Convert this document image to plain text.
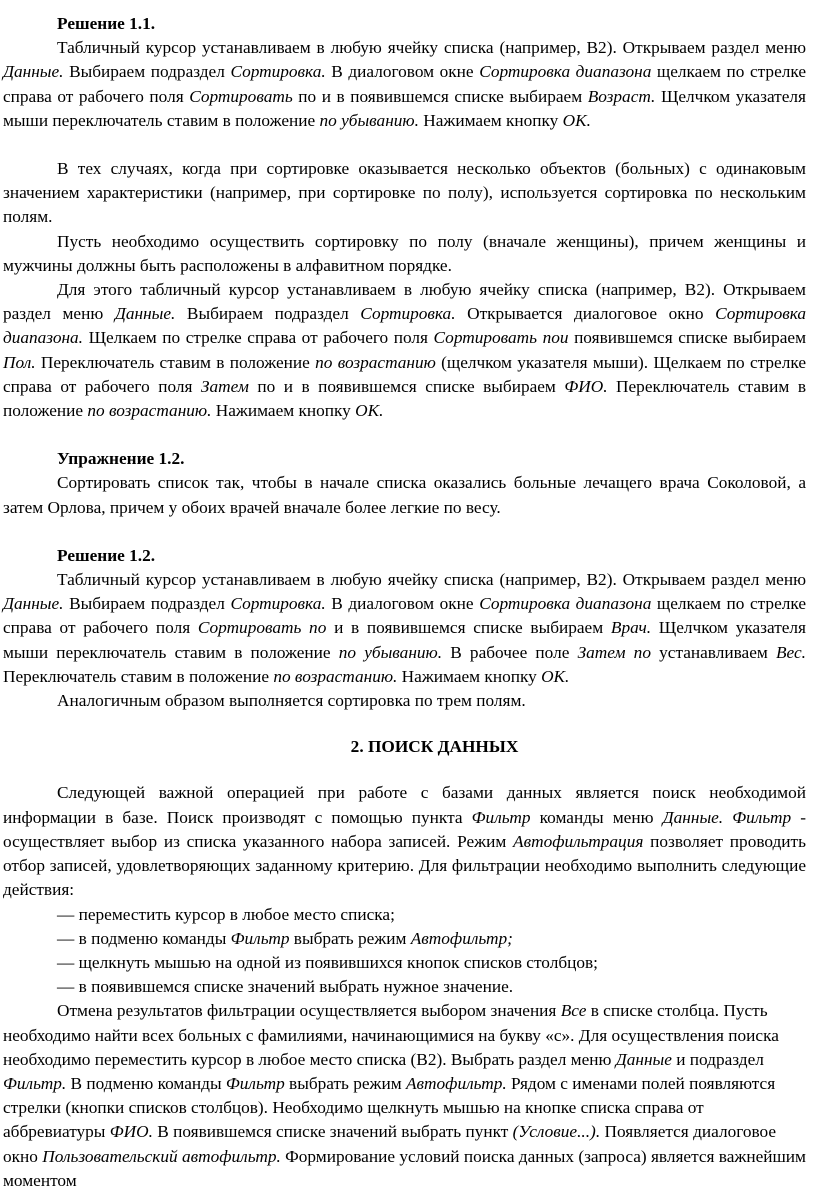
Решение 1.1.

Табличный курсор устанавливаем в любую ячейку списка (например, В2). Открываем раздел меню Данные. Выбираем подраздел Сортировка. В диалоговом окне Сортировка диапазона щелкаем по стрелке справа от рабочего поля Сортировать по и в появившемся списке выбираем Возраст. Щелчком указателя мыши переключатель ставим в положение по убыванию. Нажимаем кнопку ОК.

В тех случаях, когда при сортировке оказывается несколько объектов (больных) с одинаковым значением характеристики (например, при сортировке по полу), используется сортировка по нескольким полям.

Пусть необходимо осуществить сортировку по полу (вначале женщины), причем женщины и мужчины должны быть расположены в алфавитном порядке.

Для этого табличный курсор устанавливаем в любую ячейку списка (например, В2). Открываем раздел меню Данные. Выбираем подраздел Сортировка. Открывается диалоговое окно Сортировка диапазона. Щелкаем по стрелке справа от рабочего поля Сортировать пои появившемся списке выбираем Пол. Переключатель ставим в положение по возрастанию (щелчком указателя мыши). Щелкаем по стрелке справа от рабочего поля Затем по и в появившемся списке выбираем ФИО. Переключатель ставим в положение по возрастанию. Нажимаем кнопку ОК.

Упражнение 1.2.

Сортировать список так, чтобы в начале списка оказались больные лечащего врача Соколовой, а затем Орлова, причем у обоих врачей вначале более легкие по весу.

Решение 1.2.

Табличный курсор устанавливаем в любую ячейку списка (например, В2). Открываем раздел меню Данные. Выбираем подраздел Сортировка. В диалоговом окне Сортировка диапазона щелкаем по стрелке справа от рабочего поля Сортировать по и в появившемся списке выбираем Врач. Щелчком указателя мыши переключатель ставим в положение по убыванию. В рабочее поле Затем по устанавливаем Вес. Переключатель ставим в положение по возрастанию. Нажимаем кнопку ОК.

Аналогичным образом выполняется сортировка по трем полям.

2. ПОИСК ДАННЫХ

Следующей важной операцией при работе с базами данных является поиск необходимой информации в базе. Поиск производят с помощью пункта Фильтр команды меню Данные. Фильтр - осуществляет выбор из списка указанного набора записей. Режим Автофильтрация позволяет проводить отбор записей, удовлетворяющих заданному критерию. Для фильтрации необходимо выполнить следующие действия:

— переместить курсор в любое место списка;

— в подменю команды Фильтр выбрать режим Автофильтр;

— щелкнуть мышью на одной из появившихся кнопок списков столбцов;

— в появившемся списке значений выбрать нужное значение.

Отмена результатов фильтрации осуществляется выбором значения Все в списке столбца. Пусть необходимо найти всех больных с фамилиями, начинающимися на букву «с». Для осуществления поиска необходимо переместить курсор в любое место списка (В2). Выбрать раздел меню Данные и подраздел Фильтр. В подменю команды Фильтр выбрать режим Автофильтр. Рядом с именами полей появляются стрелки (кнопки списков столбцов). Необходимо щелкнуть мышью на кнопке списка справа от аббревиатуры ФИО. В появившемся списке значений выбрать пункт (Условие...). Появляется диалоговое окно Пользовательский автофильтр. Формирование условий поиска данных (запроса) является важнейшим моментом
